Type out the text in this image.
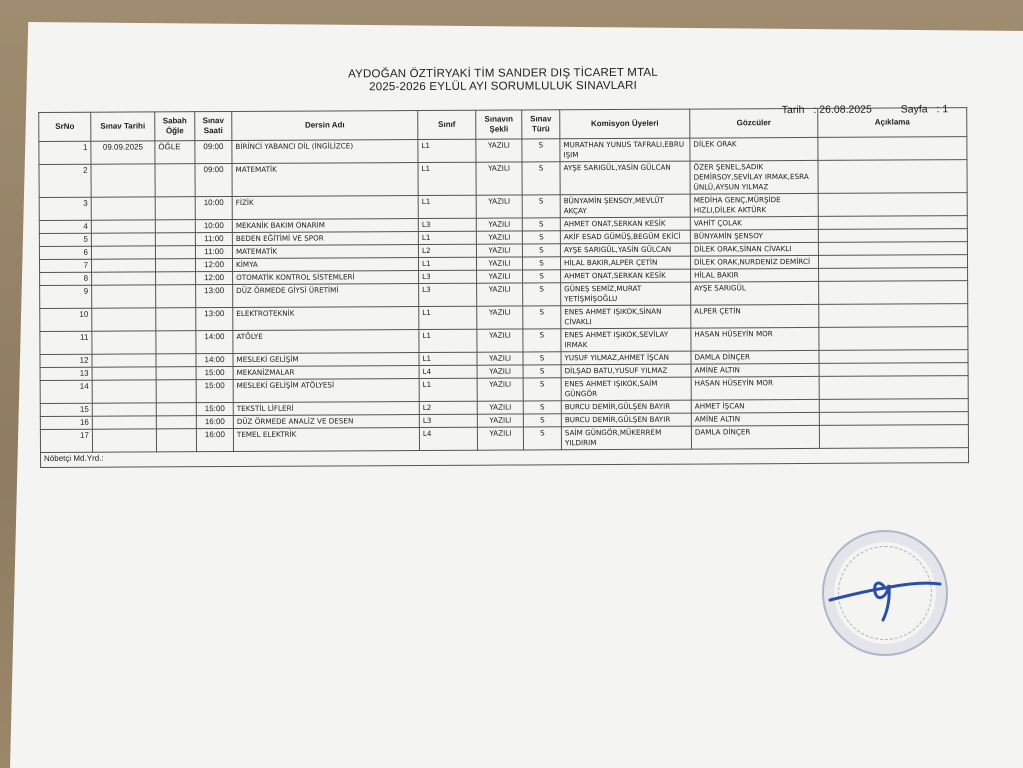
AYDOĞAN ÖZTİRYAKİ TİM SANDER DIŞ TİCARET MTAL
2025-2026 EYLÜL AYI SORUMLULUK SINAVLARI
Tarih : 26.08.2025	Sayfa : 1
SrNo	Sınav Tarihi	Sabah Öğle	Sınav Saati	Dersin Adı	Sınıf	Sınavın Şekli	Sınav Türü	Komisyon Üyeleri	Gözcüler	Açıklama
1	09.09.2025	ÖĞLE	09:00	BİRİNCİ YABANCI DİL (İNGİLİZCE)	L1	YAZILI	S	MURATHAN YUNUS TAFRALI,EBRU IŞIM	DİLEK ORAK	
2			09:00	MATEMATİK	L1	YAZILI	S	AYŞE SARIGÜL,YASİN GÜLCAN	ÖZER ŞENEL,SADIK DEMİRSOY,SEVİLAY IRMAK,ESRA ÜNLÜ,AYSUN YILMAZ	
3			10:00	FİZİK	L1	YAZILI	S	BÜNYAMİN ŞENSOY,MEVLÜT AKÇAY	MEDİHA GENÇ,MÜRŞİDE HIZLI,DİLEK AKTÜRK	
4			10:00	MEKANİK BAKIM ONARIM	L3	YAZILI	S	AHMET ONAT,SERKAN KESİK	VAHİT ÇOLAK	
5			11:00	BEDEN EĞİTİMİ VE SPOR	L1	YAZILI	S	AKİF ESAD GÜMÜŞ,BEGÜM EKİCİ	BÜNYAMİN ŞENSOY	
6			11:00	MATEMATİK	L2	YAZILI	S	AYŞE SARIGÜL,YASİN GÜLCAN	DİLEK ORAK,SİNAN CİVAKLI	
7			12:00	KİMYA	L1	YAZILI	S	HİLAL BAKIR,ALPER ÇETİN	DİLEK ORAK,NURDENİZ DEMİRCİ	
8			12:00	OTOMATİK KONTROL SİSTEMLERİ	L3	YAZILI	S	AHMET ONAT,SERKAN KESİK	HİLAL BAKIR	
9			13:00	DÜZ ÖRMEDE GİYSİ ÜRETİMİ	L3	YAZILI	S	GÜNEŞ SEMİZ,MURAT YETİŞMİŞOĞLU	AYŞE SARIGÜL	
10			13:00	ELEKTROTEKNİK	L1	YAZILI	S	ENES AHMET IŞIKOK,SİNAN CİVAKLI	ALPER ÇETİN	
11			14:00	ATÖLYE	L1	YAZILI	S	ENES AHMET IŞIKOK,SEVİLAY IRMAK	HASAN HÜSEYİN MOR	
12			14:00	MESLEKİ GELİŞİM	L1	YAZILI	S	YUSUF YILMAZ,AHMET İŞCAN	DAMLA DİNÇER	
13			15:00	MEKANİZMALAR	L4	YAZILI	S	DİLŞAD BATU,YUSUF YILMAZ	AMİNE ALTIN	
14			15:00	MESLEKİ GELİŞİM ATÖLYESİ	L1	YAZILI	S	ENES AHMET IŞIKOK,SAİM GÜNGÖR	HASAN HÜSEYİN MOR	
15			15:00	TEKSTİL LİFLERİ	L2	YAZILI	S	BURCU DEMİR,GÜLŞEN BAYIR	AHMET İŞCAN	
16			16:00	DÜZ ÖRMEDE ANALİZ VE DESEN	L3	YAZILI	S	BURCU DEMİR,GÜLŞEN BAYIR	AMİNE ALTIN	
17			16:00	TEMEL ELEKTRİK	L4	YAZILI	S	SAİM GÜNGÖR,MÜKERREM YILDIRIM	DAMLA DİNÇER	
Nöbetçi Md.Yrd.:										
